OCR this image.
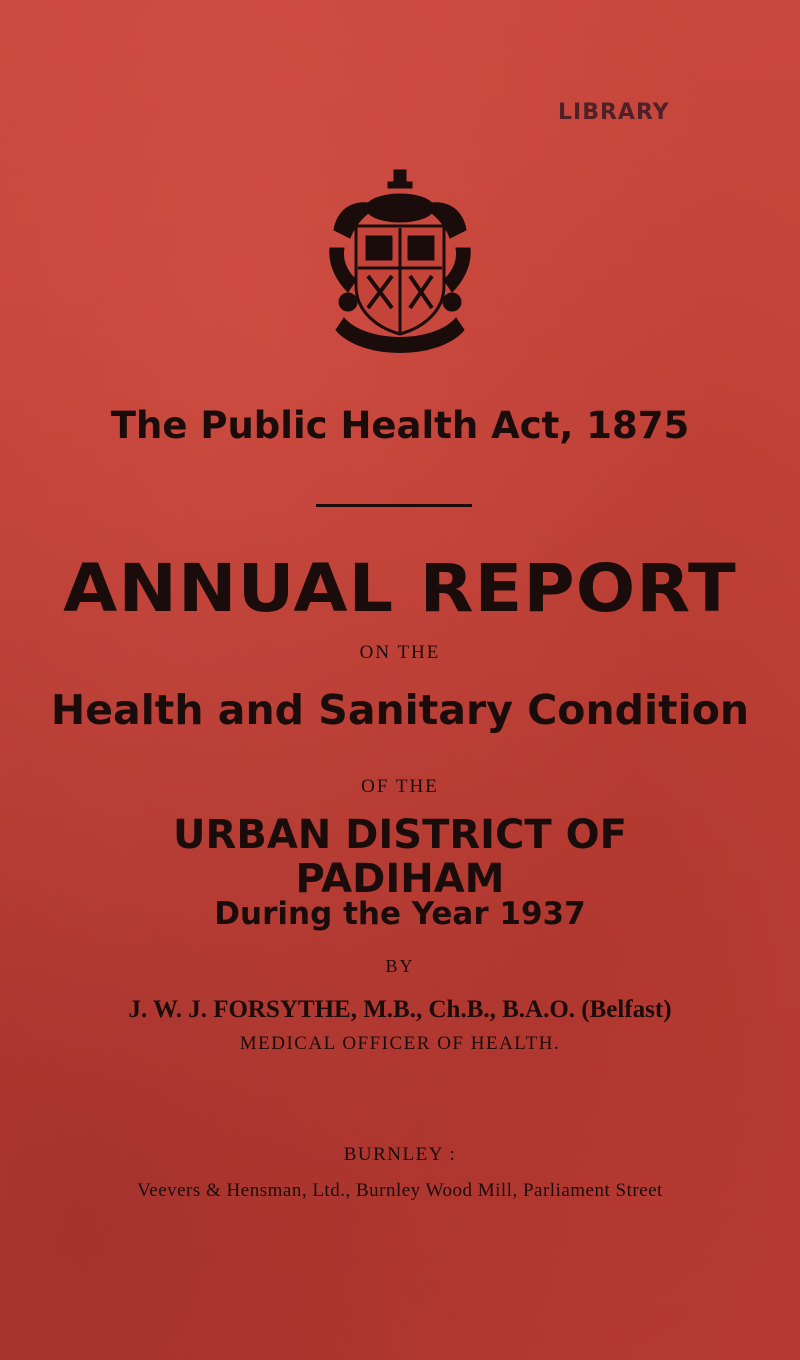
LIBRARY
The Public Health Act, 1875
ANNUAL REPORT
ON THE
Health and Sanitary Condition
OF THE
URBAN DISTRICT OF
PADIHAM
During the Year 1937
BY
J. W. J. FORSYTHE, M.B., Ch.B., B.A.O. (Belfast)
MEDICAL OFFICER OF HEALTH.
BURNLEY :
Veevers & Hensman, Ltd., Burnley Wood Mill, Parliament Street
